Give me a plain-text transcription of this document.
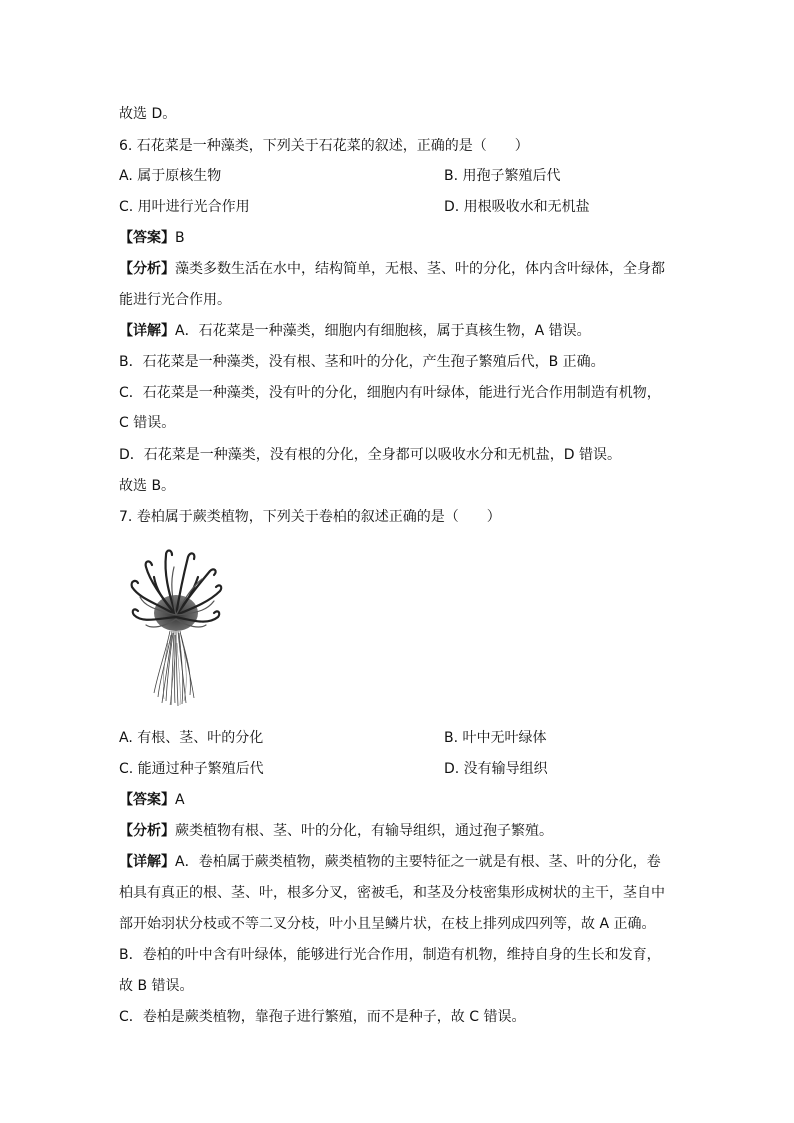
故选 D。
6. 石花菜是一种藻类，下列关于石花菜的叙述，正确的是（　　）
A. 属于原核生物	B. 用孢子繁殖后代
C. 用叶进行光合作用	D. 用根吸收水和无机盐
【答案】B
【分析】藻类多数生活在水中，结构简单，无根、茎、叶的分化，体内含叶绿体，全身都
能进行光合作用。
【详解】A．石花菜是一种藻类，细胞内有细胞核，属于真核生物，A 错误。
B．石花菜是一种藻类，没有根、茎和叶的分化，产生孢子繁殖后代，B 正确。
C．石花菜是一种藻类，没有叶的分化，细胞内有叶绿体，能进行光合作用制造有机物，
C 错误。
D．石花菜是一种藻类，没有根的分化，全身都可以吸收水分和无机盐，D 错误。
故选 B。
7. 卷柏属于蕨类植物，下列关于卷柏的叙述正确的是（　　）
A. 有根、茎、叶的分化	B. 叶中无叶绿体
C. 能通过种子繁殖后代	D. 没有输导组织
【答案】A
【分析】蕨类植物有根、茎、叶的分化，有输导组织，通过孢子繁殖。
【详解】A．卷柏属于蕨类植物，蕨类植物的主要特征之一就是有根、茎、叶的分化，卷
柏具有真正的根、茎、叶，根多分叉，密被毛，和茎及分枝密集形成树状的主干，茎自中
部开始羽状分枝或不等二叉分枝，叶小且呈鳞片状，在枝上排列成四列等，故 A 正确。
B．卷柏的叶中含有叶绿体，能够进行光合作用，制造有机物，维持自身的生长和发育，
故 B 错误。
C．卷柏是蕨类植物，靠孢子进行繁殖，而不是种子，故 C 错误。
